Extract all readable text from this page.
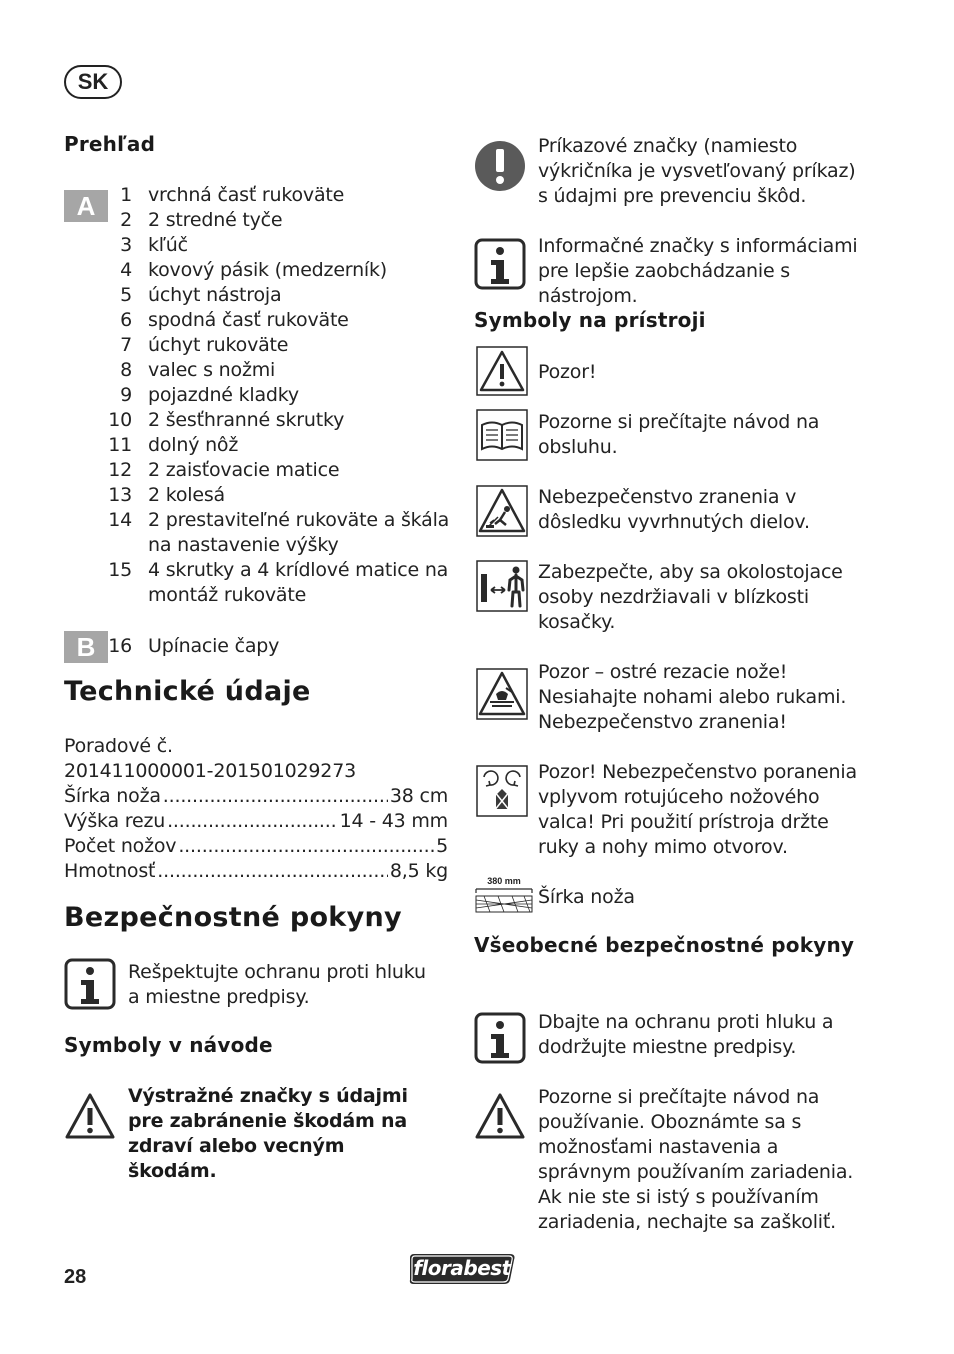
SK
Prehľad
A	1 vrchná časť rukoväte
2 2 stredné tyče
3 kľúč
4 kovový pásik (medzerník)
5 úchyt nástroja
6 spodná časť rukoväte
7 úchyt rukoväte
8 valec s nožmi
9 pojazdné kladky
10 2 šesťhranné skrutky
11 dolný nôž
12 2 zaisťovacie matice
13 2 kolesá
14 2 prestaviteľné rukoväte a škála na nastavenie výšky
15 4 skrutky a 4 krídlové matice na montáž rukoväte
B 16 Upínacie čapy
Technické údaje
Poradové č.
201411000001-201501029273
Šírka noža .....	38 cm
Výška rezu .....	14 - 43 mm
Počet nožov .....	5
Hmotnosť .....	8,5 kg
Bezpečnostné pokyny
Rešpektujte ochranu proti hluku a miestne predpisy.
Symboly v návode
Výstražné značky s údajmi pre zabránenie škodám na zdraví alebo vecným škodám.
Príkazové značky (namiesto výkričníka je vysvetľovaný príkaz) s údajmi pre prevenciu škôd.
Informačné značky s informáciami pre lepšie zaobchádzanie s nástrojom.
Symboly na prístroji
Pozor!
Pozorne si prečítajte návod na obsluhu.
Nebezpečenstvo zranenia v dôsledku vyvrhnutých dielov.
Zabezpečte, aby sa okolostojace osoby nezdržiavali v blízkosti kosačky.
Pozor – ostré rezacie nože! Nesiahajte nohami alebo rukami. Nebezpečenstvo zranenia!
Pozor! Nebezpečenstvo poranenia vplyvom rotujúceho nožového valca! Pri použití prístroja držte ruky a nohy mimo otvorov.
380 mm
Šírka noža
Všeobecné bezpečnostné pokyny
Dbajte na ochranu proti hluku a dodržujte miestne predpisy.
Pozorne si prečítajte návod na používanie. Oboznámte sa s možnosťami nastavenia a správnym používaním zariadenia. Ak nie ste si istý s používaním zariadenia, nechajte sa zaškoliť.
28	florabest
